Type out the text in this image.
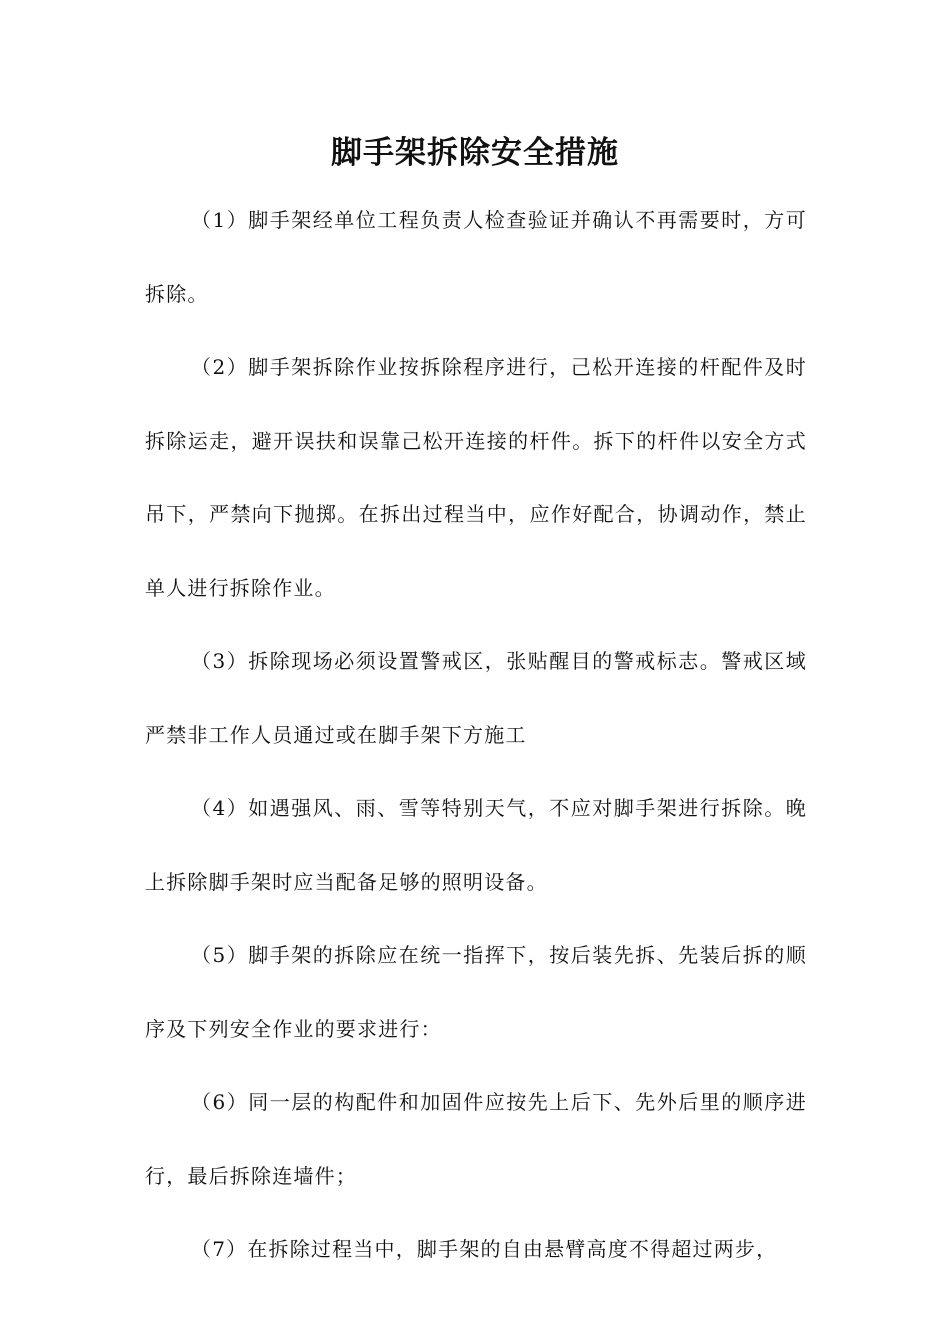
脚手架拆除安全措施

（1）脚手架经单位工程负责人检查验证并确认不再需要时，方可拆除。

（2）脚手架拆除作业按拆除程序进行，己松开连接的杆配件及时拆除运走，避开误扶和误靠己松开连接的杆件。拆下的杆件以安全方式吊下，严禁向下抛掷。在拆出过程当中，应作好配合，协调动作，禁止单人进行拆除作业。

（3）拆除现场必须设置警戒区，张贴醒目的警戒标志。警戒区域严禁非工作人员通过或在脚手架下方施工

（4）如遇强风、雨、雪等特别天气，不应对脚手架进行拆除。晚上拆除脚手架时应当配备足够的照明设备。

（5）脚手架的拆除应在统一指挥下，按后装先拆、先装后拆的顺序及下列安全作业的要求进行：

（6）同一层的构配件和加固件应按先上后下、先外后里的顺序进行，最后拆除连墙件；

（7）在拆除过程当中，脚手架的自由悬臂高度不得超过两步，
